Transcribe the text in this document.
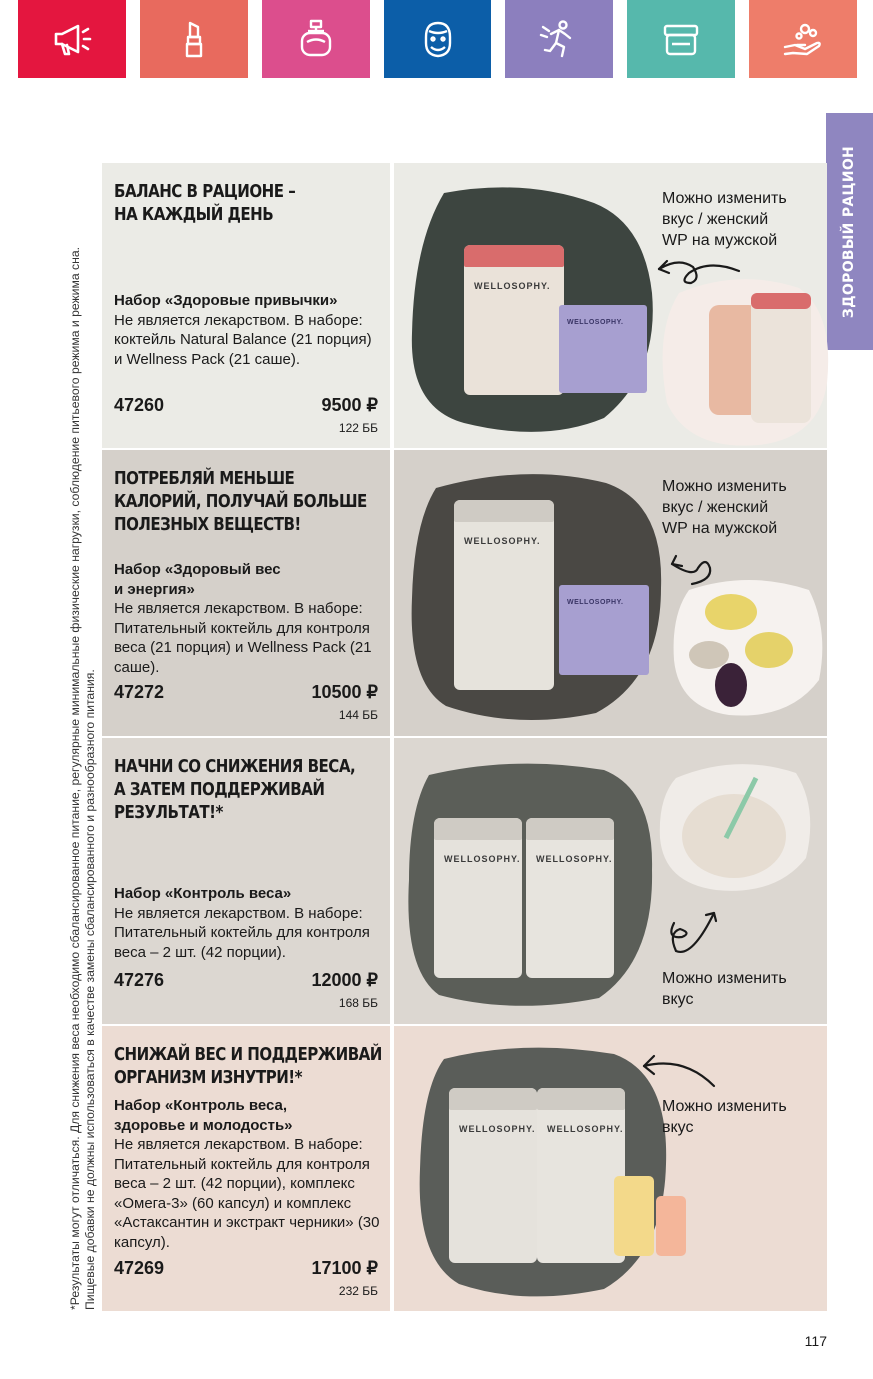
ЗДОРОВЫЙ РАЦИОН
*Результаты могут отличаться. Для снижения веса необходимо сбалансированное питание, регулярные минимальные физические нагрузки, соблюдение питьевого режима и режима сна. Пищевые добавки не должны использоваться в качестве замены сбалансированного и разнообразного питания.
БАЛАНС В РАЦИОНЕ –
НА КАЖДЫЙ ДЕНЬ
Набор «Здоровые привычки»
Не является лекарством. В наборе: коктейль Natural Balance (21 порция) и Wellness Pack (21 саше).
47260	9500 ₽
122 ББ
WELLOSOPHY.
WELLOSOPHY.
Можно изменить
вкус / женский
WP на мужской
ПОТРЕБЛЯЙ МЕНЬШЕ
КАЛОРИЙ, ПОЛУЧАЙ БОЛЬШЕ
ПОЛЕЗНЫХ ВЕЩЕСТВ!
Набор «Здоровый вес
и энергия»
Не является лекарством. В наборе: Питательный коктейль для контроля веса (21 порция) и Wellness Pack (21 саше).
47272	10500 ₽
144 ББ
WELLOSOPHY.
WELLOSOPHY.
Можно изменить
вкус / женский
WP на мужской
НАЧНИ СО СНИЖЕНИЯ ВЕСА,
А ЗАТЕМ ПОДДЕРЖИВАЙ
РЕЗУЛЬТАТ!*
Набор «Контроль веса»
Не является лекарством. В наборе: Питательный коктейль для контроля веса – 2 шт. (42 порции).
47276	12000 ₽
168 ББ
WELLOSOPHY. WELLOSOPHY.
Можно изменить
вкус
СНИЖАЙ ВЕС И ПОДДЕРЖИВАЙ
ОРГАНИЗМ ИЗНУТРИ!*
Набор «Контроль веса,
здоровье и молодость»
Не является лекарством. В наборе: Питательный коктейль для контроля веса – 2 шт. (42 порции), комплекс «Омега-3» (60 капсул) и комплекс «Астаксантин и экстракт черники» (30 капсул).
47269	17100 ₽
232 ББ
WELLOSOPHY. WELLOSOPHY.
Можно изменить
вкус
117
